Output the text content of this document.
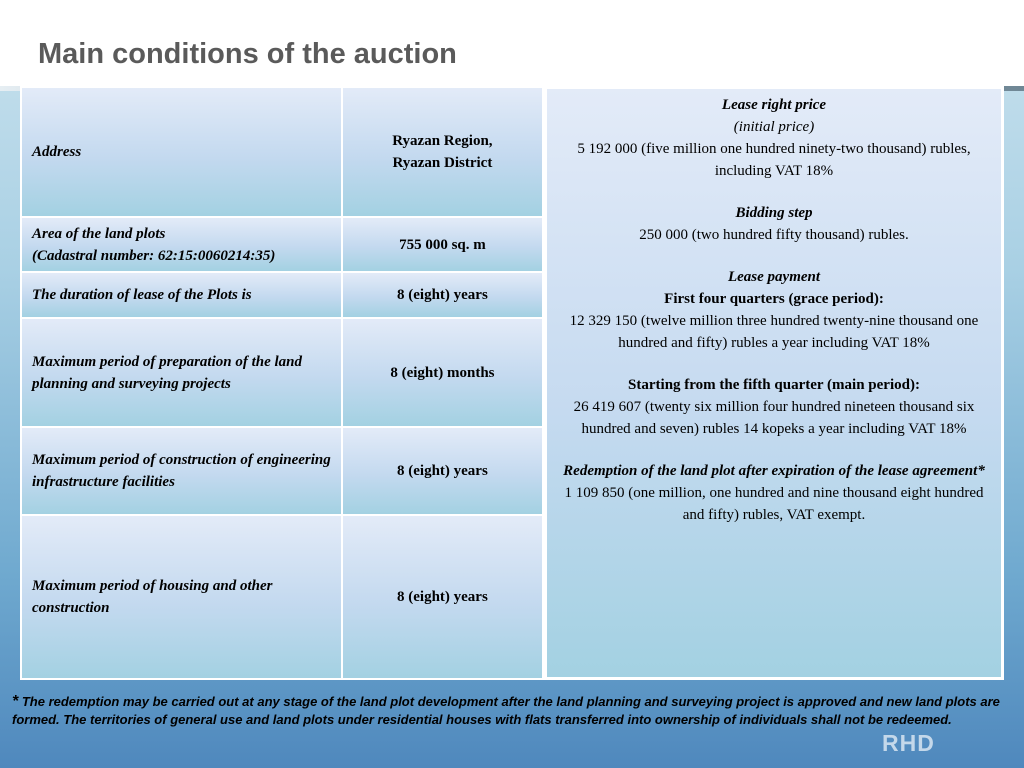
Main conditions of the auction
Address	Ryazan Region,
Ryazan District
Area of the land plots
(Cadastral number: 62:15:0060214:35)	755 000 sq. m
The duration of lease of the Plots is	8 (eight) years
Maximum period of preparation of the land planning and surveying projects	8 (eight) months
Maximum period of construction of engineering infrastructure facilities	8 (eight) years
Maximum period of housing and other construction	8 (eight) years
Lease right price
(initial price)
5 192 000 (five million one hundred ninety-two thousand) rubles, including VAT 18%
Bidding step
250 000 (two hundred fifty thousand) rubles.
Lease payment
First four quarters (grace period):
12 329 150 (twelve million three hundred twenty-nine thousand one hundred and fifty) rubles a year including VAT 18%
Starting from the fifth quarter (main period):
26 419 607 (twenty six million four hundred nineteen thousand six hundred and seven) rubles 14 kopeks a year including VAT 18%
Redemption of the land plot after expiration of the lease agreement*
1 109 850 (one million, one hundred and nine thousand eight hundred and fifty) rubles, VAT exempt.
* The redemption may be carried out at any stage of the land plot development after the land planning and surveying project is approved and new land plots are formed. The territories of general use and land plots under residential houses with flats transferred into ownership of individuals shall not be redeemed.
RHD
